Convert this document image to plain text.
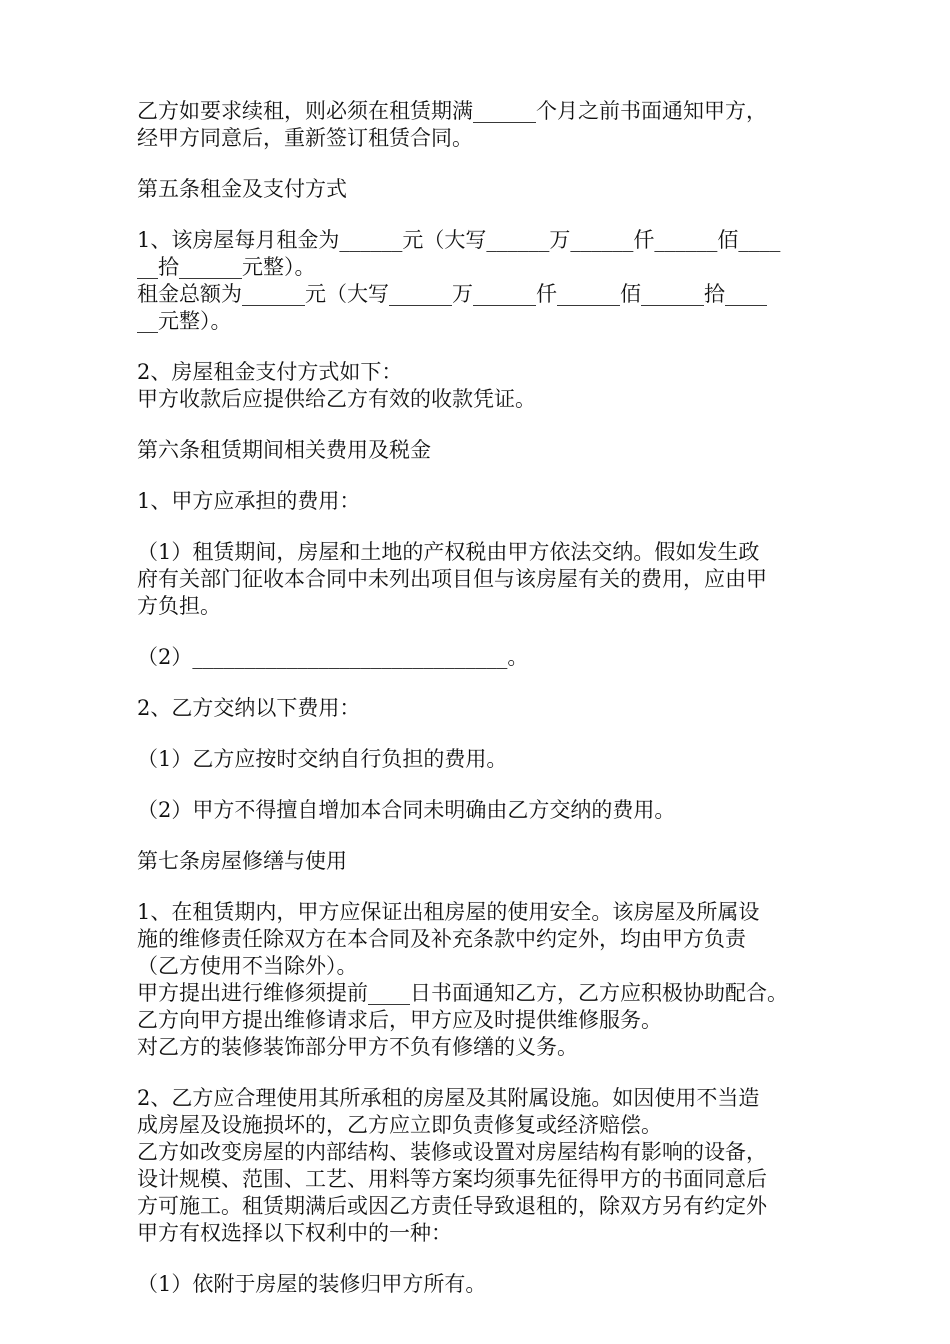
乙方如要求续租，则必须在租赁期满______个月之前书面通知甲方，
经甲方同意后，重新签订租赁合同。
第五条租金及支付方式
1、该房屋每月租金为______元（大写______万______仟______佰____
__拾______元整）。
租金总额为______元（大写______万______仟______佰______拾____
__元整）。
2、房屋租金支付方式如下：
甲方收款后应提供给乙方有效的收款凭证。
第六条租赁期间相关费用及税金
1、甲方应承担的费用：
（1）租赁期间，房屋和土地的产权税由甲方依法交纳。假如发生政
府有关部门征收本合同中未列出项目但与该房屋有关的费用，应由甲
方负担。
（2）______________________________。
2、乙方交纳以下费用：
（1）乙方应按时交纳自行负担的费用。
（2）甲方不得擅自增加本合同未明确由乙方交纳的费用。
第七条房屋修缮与使用
1、在租赁期内，甲方应保证出租房屋的使用安全。该房屋及所属设
施的维修责任除双方在本合同及补充条款中约定外，均由甲方负责
（乙方使用不当除外）。
甲方提出进行维修须提前____日书面通知乙方，乙方应积极协助配合。
乙方向甲方提出维修请求后，甲方应及时提供维修服务。
对乙方的装修装饰部分甲方不负有修缮的义务。
2、乙方应合理使用其所承租的房屋及其附属设施。如因使用不当造
成房屋及设施损坏的，乙方应立即负责修复或经济赔偿。
乙方如改变房屋的内部结构、装修或设置对房屋结构有影响的设备，
设计规模、范围、工艺、用料等方案均须事先征得甲方的书面同意后
方可施工。租赁期满后或因乙方责任导致退租的，除双方另有约定外
甲方有权选择以下权利中的一种：
（1）依附于房屋的装修归甲方所有。
